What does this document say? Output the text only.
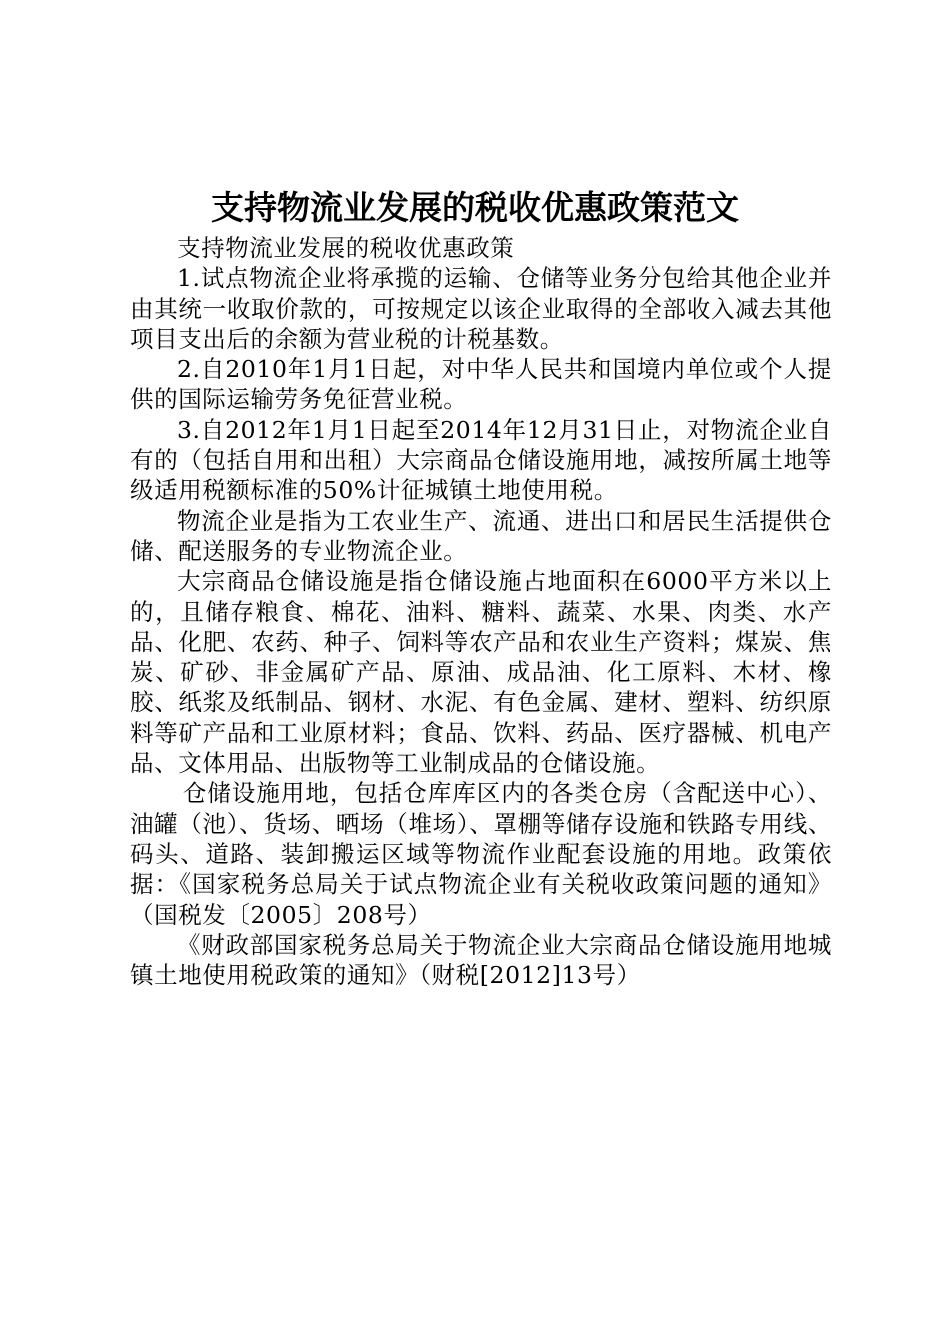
支持物流业发展的税收优惠政策范文

支持物流业发展的税收优惠政策

1.试点物流企业将承揽的运输、仓储等业务分包给其他企业并由其统一收取价款的，可按规定以该企业取得的全部收入减去其他项目支出后的余额为营业税的计税基数。

2.自2010年1月1日起，对中华人民共和国境内单位或个人提供的国际运输劳务免征营业税。

3.自2012年1月1日起至2014年12月31日止，对物流企业自有的（包括自用和出租）大宗商品仓储设施用地，减按所属土地等级适用税额标准的50%计征城镇土地使用税。

物流企业是指为工农业生产、流通、进出口和居民生活提供仓储、配送服务的专业物流企业。

大宗商品仓储设施是指仓储设施占地面积在6000平方米以上的，且储存粮食、棉花、油料、糖料、蔬菜、水果、肉类、水产品、化肥、农药、种子、饲料等农产品和农业生产资料；煤炭、焦炭、矿砂、非金属矿产品、原油、成品油、化工原料、木材、橡胶、纸浆及纸制品、钢材、水泥、有色金属、建材、塑料、纺织原料等矿产品和工业原材料；食品、饮料、药品、医疗器械、机电产品、文体用品、出版物等工业制成品的仓储设施。

仓储设施用地，包括仓库库区内的各类仓房（含配送中心）、油罐（池）、货场、晒场（堆场）、罩棚等储存设施和铁路专用线、码头、道路、装卸搬运区域等物流作业配套设施的用地。政策依据：《国家税务总局关于试点物流企业有关税收政策问题的通知》（国税发〔2005〕208号）

《财政部国家税务总局关于物流企业大宗商品仓储设施用地城镇土地使用税政策的通知》（财税[2012]13号）
